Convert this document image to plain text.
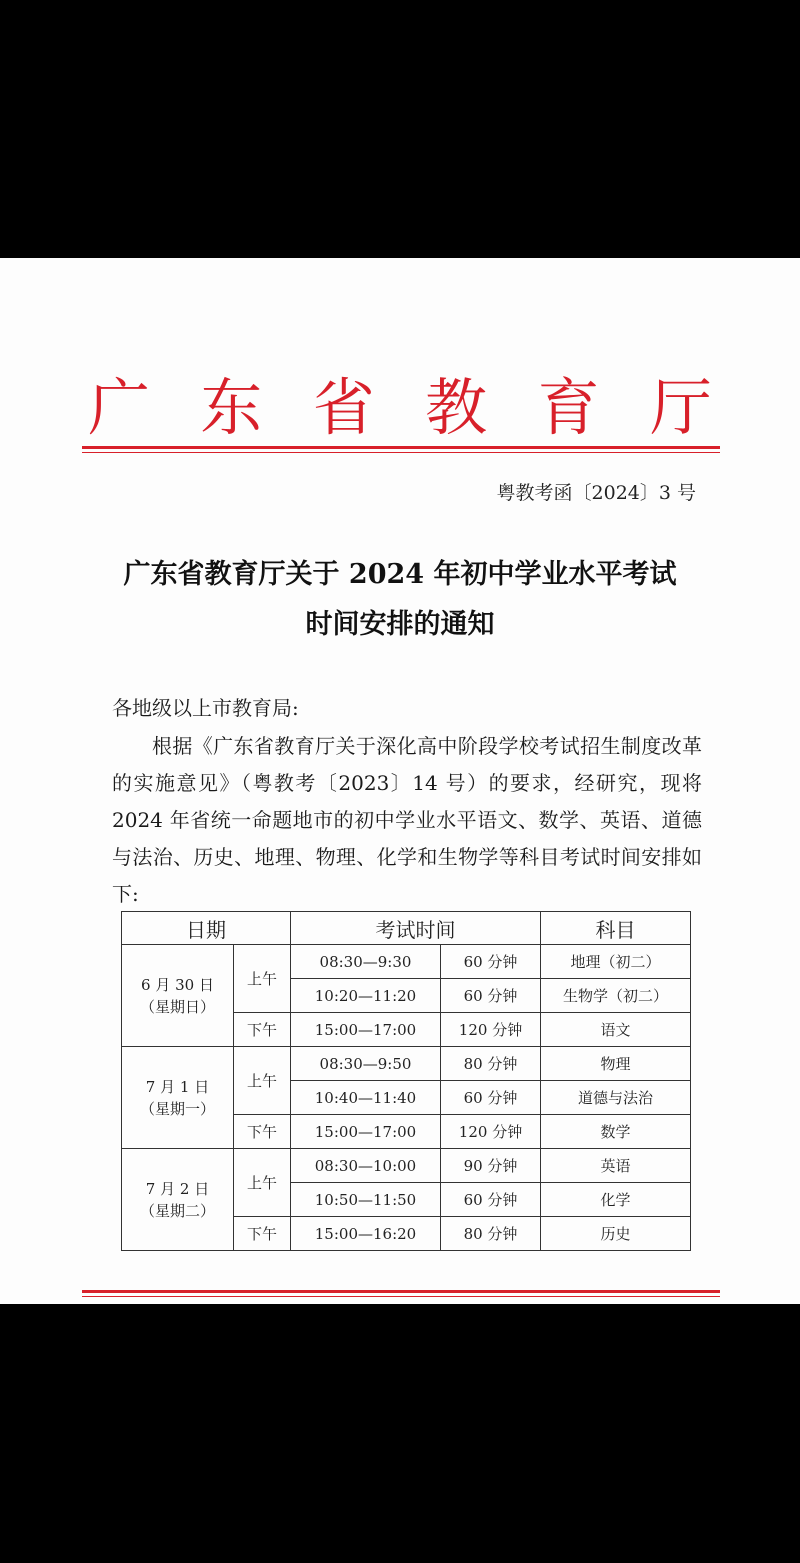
广 东 省 教 育 厅
粤教考函〔2024〕3 号
广东省教育厅关于 2024 年初中学业水平考试
时间安排的通知
各地级以上市教育局:
根据《广东省教育厅关于深化高中阶段学校考试招生制度改革的实施意见》（粤教考〔2023〕14 号）的要求，经研究，现将 2024 年省统一命题地市的初中学业水平语文、数学、英语、道德与法治、历史、地理、物理、化学和生物学等科目考试时间安排如下:
日期		考试时间		科目

6 月 30 日
（星期日）	上午	08:30—9:30	60 分钟	地理（初二）
		10:20—11:20	60 分钟	生物学（初二）
	下午	15:00—17:00	120 分钟	语文

7 月 1 日
（星期一）	上午	08:30—9:50	80 分钟	物理
		10:40—11:40	60 分钟	道德与法治
	下午	15:00—17:00	120 分钟	数学

7 月 2 日
（星期二）	上午	08:30—10:00	90 分钟	英语
		10:50—11:50	60 分钟	化学
	下午	15:00—16:20	80 分钟	历史
